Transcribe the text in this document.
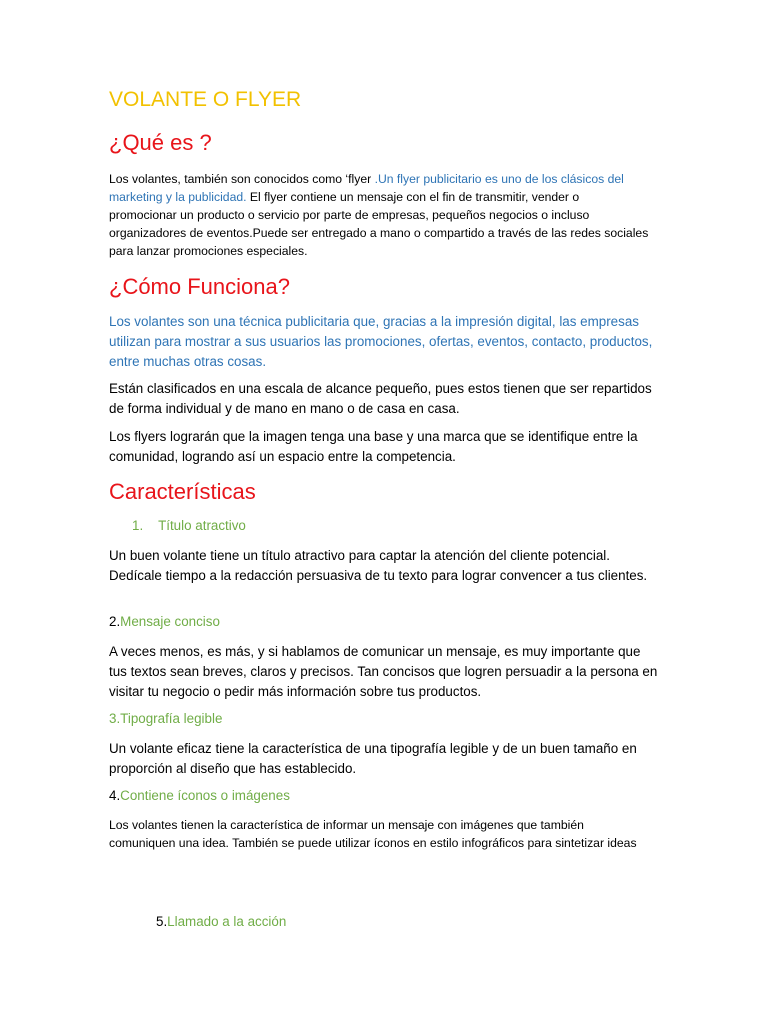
VOLANTE O FLYER
¿Qué es ?
Los volantes, también son conocidos como ‘flyer .Un flyer publicitario es uno de los clásicos del marketing y la publicidad. El flyer contiene un mensaje con el fin de transmitir, vender o promocionar un producto o servicio por parte de empresas, pequeños negocios o incluso organizadores de eventos.Puede ser entregado a mano o compartido a través de las redes sociales para lanzar promociones especiales.
¿Cómo Funciona?
Los volantes son una técnica publicitaria que, gracias a la impresión digital, las empresas utilizan para mostrar a sus usuarios las promociones, ofertas, eventos, contacto, productos, entre muchas otras cosas.
Están clasificados en una escala de alcance pequeño, pues estos tienen que ser repartidos de forma individual y de mano en mano o de casa en casa.
Los flyers lograrán que la imagen tenga una base y una marca que se identifique entre la comunidad, logrando así un espacio entre la competencia.
Características
1. Título atractivo
Un buen volante tiene un título atractivo para captar la atención del cliente potencial. Dedícale tiempo a la redacción persuasiva de tu texto para lograr convencer a tus clientes.
2.Mensaje conciso
A veces menos, es más, y si hablamos de comunicar un mensaje, es muy importante que tus textos sean breves, claros y precisos. Tan concisos que logren persuadir a la persona en visitar tu negocio o pedir más información sobre tus productos.
3.Tipografía legible
Un volante eficaz tiene la característica de una tipografía legible y de un buen tamaño en proporción al diseño que has establecido.
4.Contiene íconos o imágenes
Los volantes tienen la característica de informar un mensaje con imágenes que también comuniquen una idea. También se puede utilizar íconos en estilo infográficos para sintetizar ideas
5.Llamado a la acción
